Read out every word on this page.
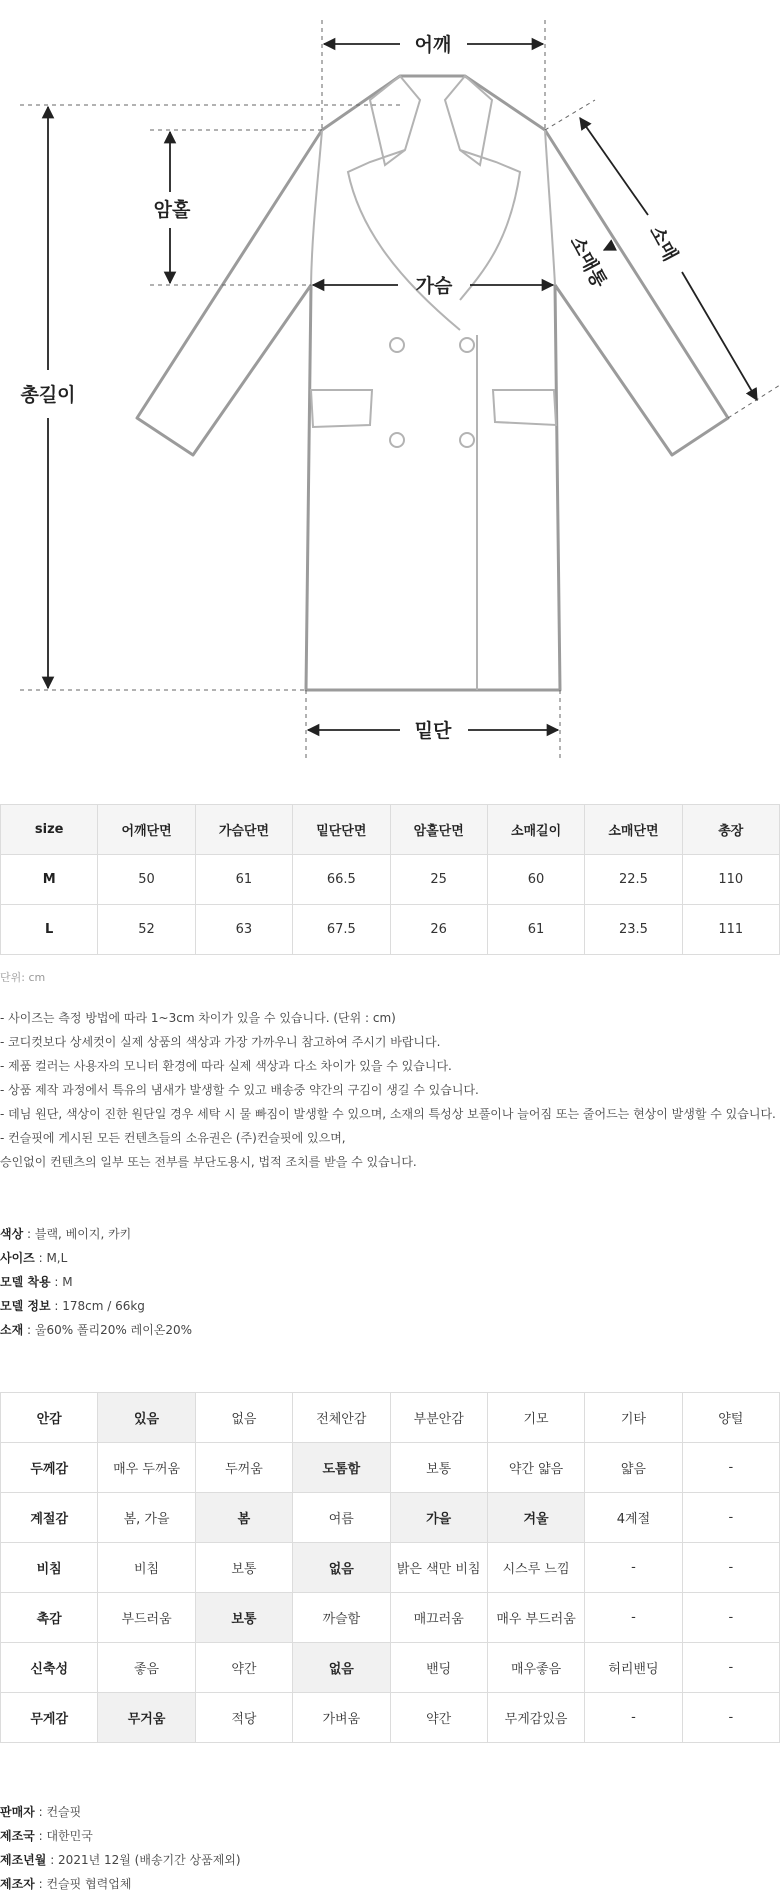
어깨
암홀
가슴
총길이
밑단
소매
소매통
size	어깨단면	가슴단면	밑단단면	암홀단면	소매길이	소매단면	총장
M	50	61	66.5	25	60	22.5	110
L	52	63	67.5	26	61	23.5	111
단위: cm
- 사이즈는 측정 방법에 따라 1~3cm 차이가 있을 수 있습니다. (단위 : cm)
- 코디컷보다 상세컷이 실제 상품의 색상과 가장 가까우니 참고하여 주시기 바랍니다.
- 제품 컬러는 사용자의 모니터 환경에 따라 실제 색상과 다소 차이가 있을 수 있습니다.
- 상품 제작 과정에서 특유의 냄새가 발생할 수 있고 배송중 약간의 구김이 생길 수 있습니다.
- 데님 원단, 색상이 진한 원단일 경우 세탁 시 물 빠짐이 발생할 수 있으며, 소재의 특성상 보풀이나 늘어짐 또는 줄어드는 현상이 발생할 수 있습니다.
- 컨슬핏에 게시된 모든 컨텐츠들의 소유권은 (주)컨슬핏에 있으며,
승인없이 컨텐츠의 일부 또는 전부를 부단도용시, 법적 조치를 받을 수 있습니다.
색상 : 블랙, 베이지, 카키
사이즈 : M,L
모델 착용 : M
모델 정보 : 178cm / 66kg
소재 : 울60% 폴리20% 레이온20%
안감	있음	없음	전체안감	부분안감	기모	기타	양털
두께감	매우 두꺼움	두꺼움	도톰함	보통	약간 얇음	얇음	-
계절감	봄, 가을	봄	여름	가을	겨울	4계절	-
비침	비침	보통	없음	밝은 색만 비침	시스루 느낌	-	-
촉감	부드러움	보통	까슬함	매끄러움	매우 부드러움	-	-
신축성	좋음	약간	없음	밴딩	매우좋음	허리밴딩	-
무게감	무거움	적당	가벼움	약간	무게감있음	-	-
판매자 : 컨슬핏
제조국 : 대한민국
제조년월 : 2021년 12월 (배송기간 상품제외)
제조자 : 컨슬핏 협력업체
